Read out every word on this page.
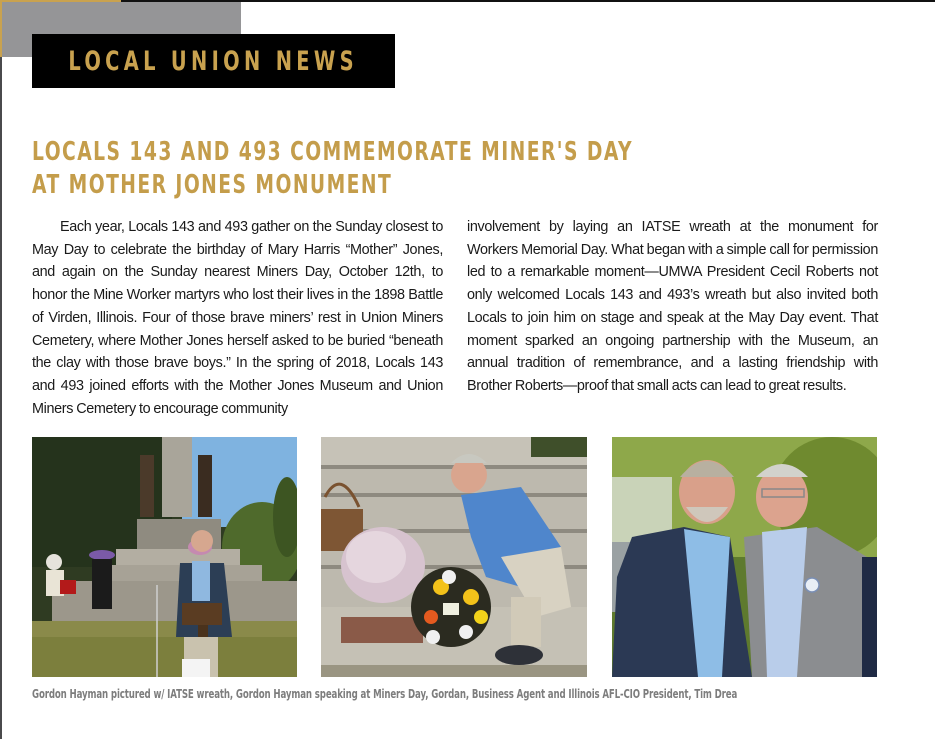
LOCAL UNION NEWS
LOCALS 143 AND 493 COMMEMORATE MINER'S DAY
AT MOTHER JONES MONUMENT

Each year, Locals 143 and 493 gather on the Sunday closest to May Day to celebrate the birthday of Mary Harris “Mother” Jones, and again on the Sunday nearest Miners Day, October 12th, to honor the Mine Worker martyrs who lost their lives in the 1898 Battle of Virden, Illinois. Four of those brave miners’ rest in Union Miners Cemetery, where Mother Jones herself asked to be buried “beneath the clay with those brave boys.” In the spring of 2018, Locals 143 and 493 joined efforts with the Mother Jones Museum and Union Miners Cemetery to encourage community

involvement by laying an IATSE wreath at the monument for Workers Memorial Day. What began with a simple call for permission led to a remarkable moment—UMWA President Cecil Roberts not only welcomed Locals 143 and 493’s wreath but also invited both Locals to join him on stage and speak at the May Day event. That moment sparked an ongoing partnership with the Museum, an annual tradition of remembrance, and a lasting friendship with Brother Roberts—proof that small acts can lead to great results.

Gordon Hayman pictured w/ IATSE wreath, Gordon Hayman speaking at Miners Day, Gordan, Business Agent and Illinois AFL-CIO President, Tim Drea
